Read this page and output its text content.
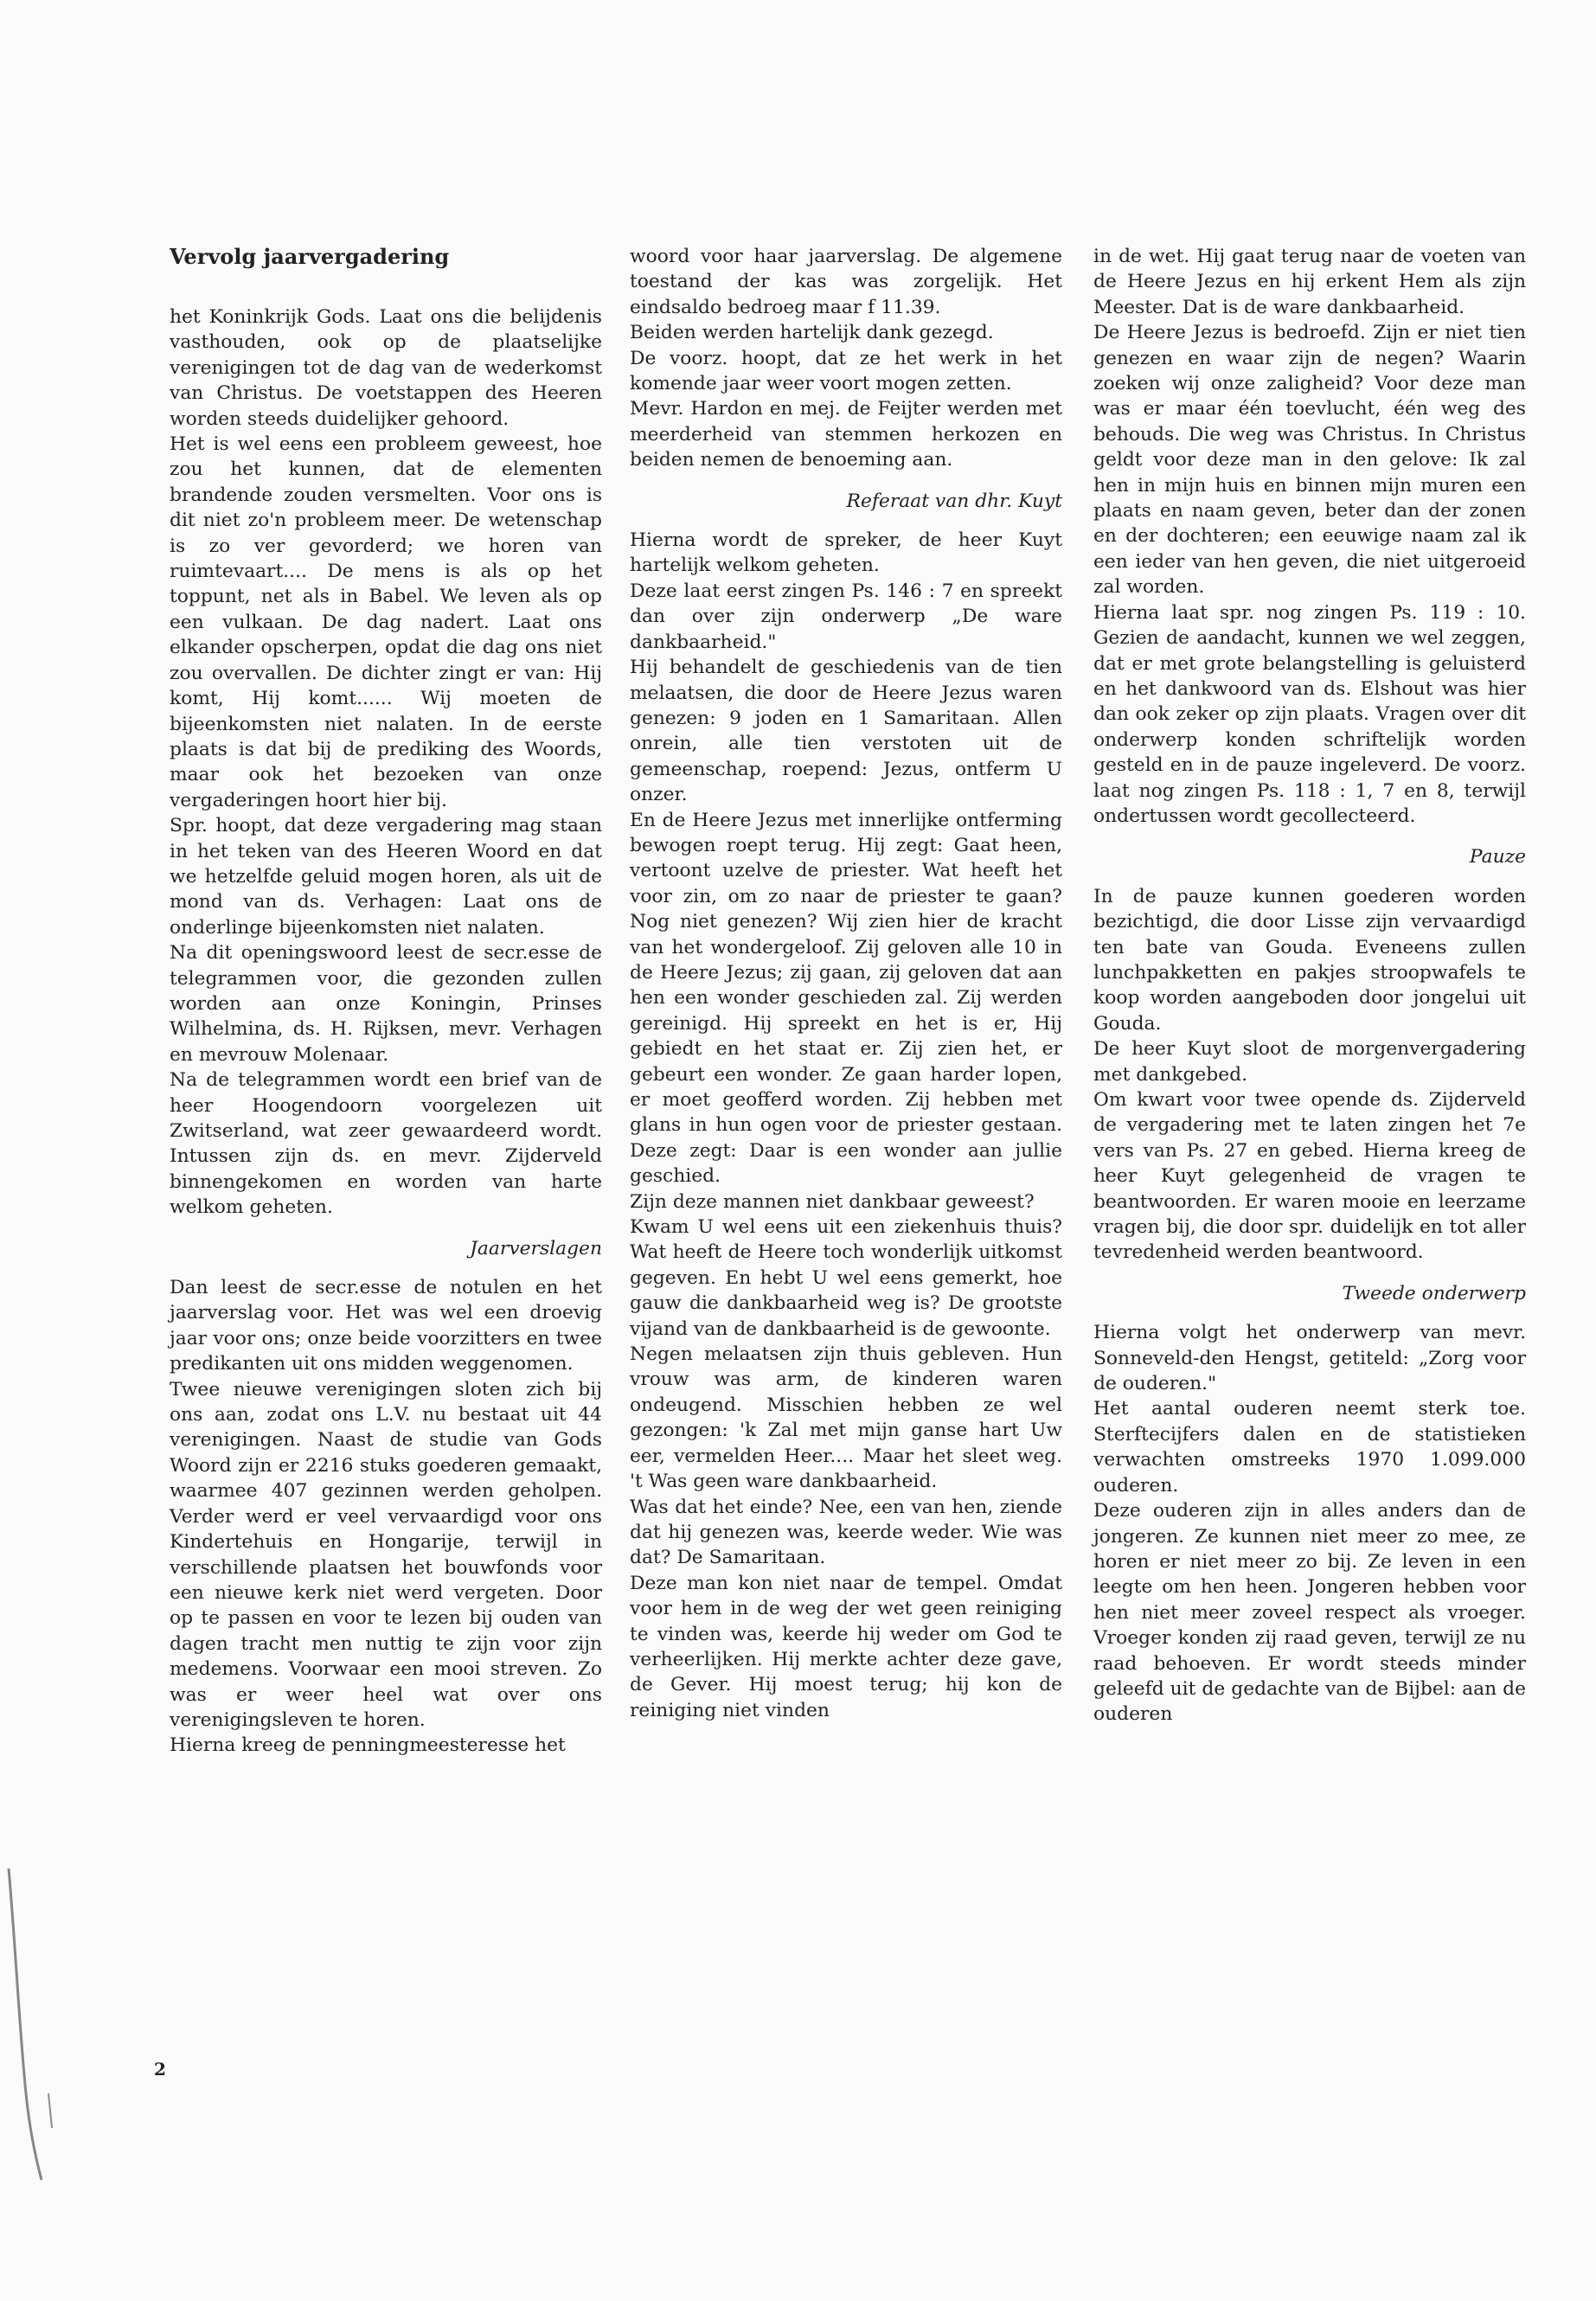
Vervolg jaarvergadering

het Koninkrijk Gods. Laat ons die belijdenis vasthouden, ook op de plaatselijke verenigingen tot de dag van de wederkomst van Christus. De voetstappen des Heeren worden steeds duidelijker gehoord.

Het is wel eens een probleem geweest, hoe zou het kunnen, dat de elementen brandende zouden versmelten. Voor ons is dit niet zo'n probleem meer. De wetenschap is zo ver gevorderd; we horen van ruimtevaart.... De mens is als op het toppunt, net als in Babel. We leven als op een vulkaan. De dag nadert. Laat ons elkander opscherpen, opdat die dag ons niet zou overvallen. De dichter zingt er van: Hij komt, Hij komt...... Wij moeten de bijeenkomsten niet nalaten. In de eerste plaats is dat bij de prediking des Woords, maar ook het bezoeken van onze vergaderingen hoort hier bij.

Spr. hoopt, dat deze vergadering mag staan in het teken van des Heeren Woord en dat we hetzelfde geluid mogen horen, als uit de mond van ds. Verhagen: Laat ons de onderlinge bijeenkomsten niet nalaten.

Na dit openingswoord leest de secr.esse de telegrammen voor, die gezonden zullen worden aan onze Koningin, Prinses Wilhelmina, ds. H. Rijksen, mevr. Verhagen en mevrouw Molenaar.

Na de telegrammen wordt een brief van de heer Hoogendoorn voorgelezen uit Zwitserland, wat zeer gewaardeerd wordt. Intussen zijn ds. en mevr. Zijderveld binnengekomen en worden van harte welkom geheten.

Jaarverslagen

Dan leest de secr.esse de notulen en het jaarverslag voor. Het was wel een droevig jaar voor ons; onze beide voorzitters en twee predikanten uit ons midden weggenomen.

Twee nieuwe verenigingen sloten zich bij ons aan, zodat ons L.V. nu bestaat uit 44 verenigingen. Naast de studie van Gods Woord zijn er 2216 stuks goederen gemaakt, waarmee 407 gezinnen werden geholpen. Verder werd er veel vervaardigd voor ons Kindertehuis en Hongarije, terwijl in verschillende plaatsen het bouwfonds voor een nieuwe kerk niet werd vergeten. Door op te passen en voor te lezen bij ouden van dagen tracht men nuttig te zijn voor zijn medemens. Voorwaar een mooi streven. Zo was er weer heel wat over ons verenigingsleven te horen.

Hierna kreeg de penningmeesteresse het

woord voor haar jaarverslag. De algemene toestand der kas was zorgelijk. Het eindsaldo bedroeg maar f 11.39.

Beiden werden hartelijk dank gezegd.

De voorz. hoopt, dat ze het werk in het komende jaar weer voort mogen zetten.

Mevr. Hardon en mej. de Feijter werden met meerderheid van stemmen herkozen en beiden nemen de benoeming aan.

Referaat van dhr. Kuyt

Hierna wordt de spreker, de heer Kuyt hartelijk welkom geheten.

Deze laat eerst zingen Ps. 146 : 7 en spreekt dan over zijn onderwerp „De ware dankbaarheid."

Hij behandelt de geschiedenis van de tien melaatsen, die door de Heere Jezus waren genezen: 9 joden en 1 Samaritaan. Allen onrein, alle tien verstoten uit de gemeenschap, roepend: Jezus, ontferm U onzer.

En de Heere Jezus met innerlijke ontferming bewogen roept terug. Hij zegt: Gaat heen, vertoont uzelve de priester. Wat heeft het voor zin, om zo naar de priester te gaan? Nog niet genezen? Wij zien hier de kracht van het wondergeloof. Zij geloven alle 10 in de Heere Jezus; zij gaan, zij geloven dat aan hen een wonder geschieden zal. Zij werden gereinigd. Hij spreekt en het is er, Hij gebiedt en het staat er. Zij zien het, er gebeurt een wonder. Ze gaan harder lopen, er moet geofferd worden. Zij hebben met glans in hun ogen voor de priester gestaan. Deze zegt: Daar is een wonder aan jullie geschied.

Zijn deze mannen niet dankbaar geweest?

Kwam U wel eens uit een ziekenhuis thuis? Wat heeft de Heere toch wonderlijk uitkomst gegeven. En hebt U wel eens gemerkt, hoe gauw die dankbaarheid weg is? De grootste vijand van de dankbaarheid is de gewoonte.

Negen melaatsen zijn thuis gebleven. Hun vrouw was arm, de kinderen waren ondeugend. Misschien hebben ze wel gezongen: 'k Zal met mijn ganse hart Uw eer, vermelden Heer.... Maar het sleet weg. 't Was geen ware dankbaarheid.

Was dat het einde? Nee, een van hen, ziende dat hij genezen was, keerde weder. Wie was dat? De Samaritaan.

Deze man kon niet naar de tempel. Omdat voor hem in de weg der wet geen reiniging te vinden was, keerde hij weder om God te verheerlijken. Hij merkte achter deze gave, de Gever. Hij moest terug; hij kon de reiniging niet vinden

in de wet. Hij gaat terug naar de voeten van de Heere Jezus en hij erkent Hem als zijn Meester. Dat is de ware dankbaarheid.

De Heere Jezus is bedroefd. Zijn er niet tien genezen en waar zijn de negen? Waarin zoeken wij onze zaligheid? Voor deze man was er maar één toevlucht, één weg des behouds. Die weg was Christus. In Christus geldt voor deze man in den gelove: Ik zal hen in mijn huis en binnen mijn muren een plaats en naam geven, beter dan der zonen en der dochteren; een eeuwige naam zal ik een ieder van hen geven, die niet uitgeroeid zal worden.

Hierna laat spr. nog zingen Ps. 119 : 10. Gezien de aandacht, kunnen we wel zeggen, dat er met grote belangstelling is geluisterd en het dankwoord van ds. Elshout was hier dan ook zeker op zijn plaats. Vragen over dit onderwerp konden schriftelijk worden gesteld en in de pauze ingeleverd. De voorz. laat nog zingen Ps. 118 : 1, 7 en 8, terwijl ondertussen wordt gecollecteerd.

Pauze

In de pauze kunnen goederen worden bezichtigd, die door Lisse zijn vervaardigd ten bate van Gouda. Eveneens zullen lunchpakketten en pakjes stroopwafels te koop worden aangeboden door jongelui uit Gouda.

De heer Kuyt sloot de morgenvergadering met dankgebed.

Om kwart voor twee opende ds. Zijderveld de vergadering met te laten zingen het 7e vers van Ps. 27 en gebed. Hierna kreeg de heer Kuyt gelegenheid de vragen te beantwoorden. Er waren mooie en leerzame vragen bij, die door spr. duidelijk en tot aller tevredenheid werden beantwoord.

Tweede onderwerp

Hierna volgt het onderwerp van mevr. Sonneveld-den Hengst, getiteld: „Zorg voor de ouderen."

Het aantal ouderen neemt sterk toe. Sterftecijfers dalen en de statistieken verwachten omstreeks 1970 1.099.000 ouderen.

Deze ouderen zijn in alles anders dan de jongeren. Ze kunnen niet meer zo mee, ze horen er niet meer zo bij. Ze leven in een leegte om hen heen. Jongeren hebben voor hen niet meer zoveel respect als vroeger. Vroeger konden zij raad geven, terwijl ze nu raad behoeven. Er wordt steeds minder geleefd uit de gedachte van de Bijbel: aan de ouderen

2
